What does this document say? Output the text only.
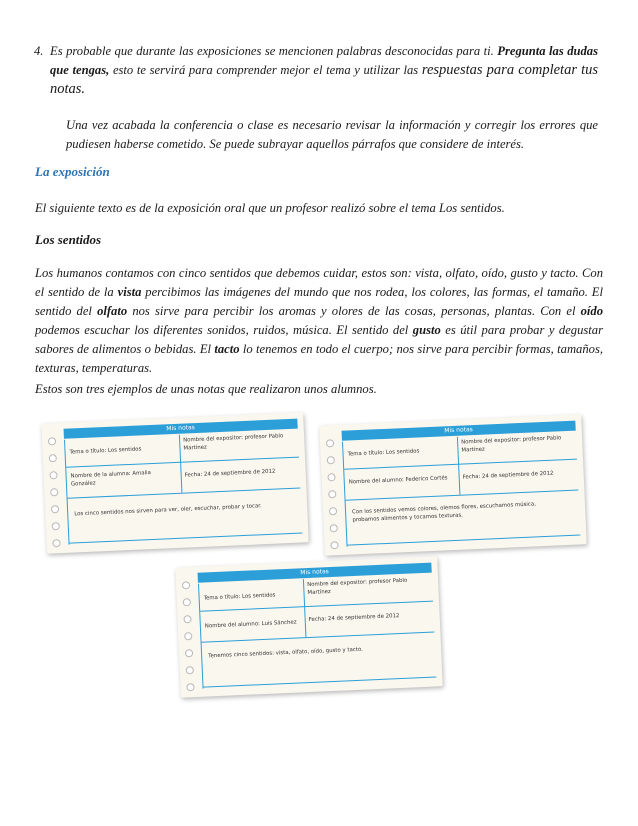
4. Es probable que durante las exposiciones se mencionen palabras desconocidas para ti. Pregunta las dudas que tengas, esto te servirá para comprender mejor el tema y utilizar las respuestas para completar tus notas.
Una vez acabada la conferencia o clase es necesario revisar la información y corregir los errores que pudiesen haberse cometido. Se puede subrayar aquellos párrafos que considere de interés.
La exposición
El siguiente texto es de la exposición oral que un profesor realizó sobre el tema Los sentidos.
Los sentidos
Los humanos contamos con cinco sentidos que debemos cuidar, estos son: vista, olfato, oído, gusto y tacto. Con el sentido de la vista percibimos las imágenes del mundo que nos rodea, los colores, las formas, el tamaño. El sentido del olfato nos sirve para percibir los aromas y olores de las cosas, personas, plantas. Con el oído podemos escuchar los diferentes sonidos, ruidos, música. El sentido del gusto es útil para probar y degustar sabores de alimentos o bebidas. El tacto lo tenemos en todo el cuerpo; nos sirve para percibir formas, tamaños, texturas, temperaturas.
Estos son tres ejemplos de unas notas que realizaron unos alumnos.
Mis notas
Tema o título: Los sentidos
Nombre del expositor: profesor Pablo Martínez
Nombre de la alumna: Amalia González
Fecha: 24 de septiembre de 2012
Los cinco sentidos nos sirven para ver, oler, escuchar, probar y tocar.
Mis notas
Tema o título: Los sentidos
Nombre del expositor: profesor Pablo Martínez
Nombre del alumno: Federico Cortés	Fecha: 24 de septiembre de 2012
Con los sentidos vemos colores, olemos flores, escuchamos música, probamos alimentos y tocamos texturas.
Mis notas
Tema o título: Los sentidos
Nombre del expositor: profesor Pablo Martínez
Nombre del alumno: Luis Sánchez
Fecha: 24 de septiembre de 2012
Tenemos cinco sentidos: vista, olfato, oído, gusto y tacto.
